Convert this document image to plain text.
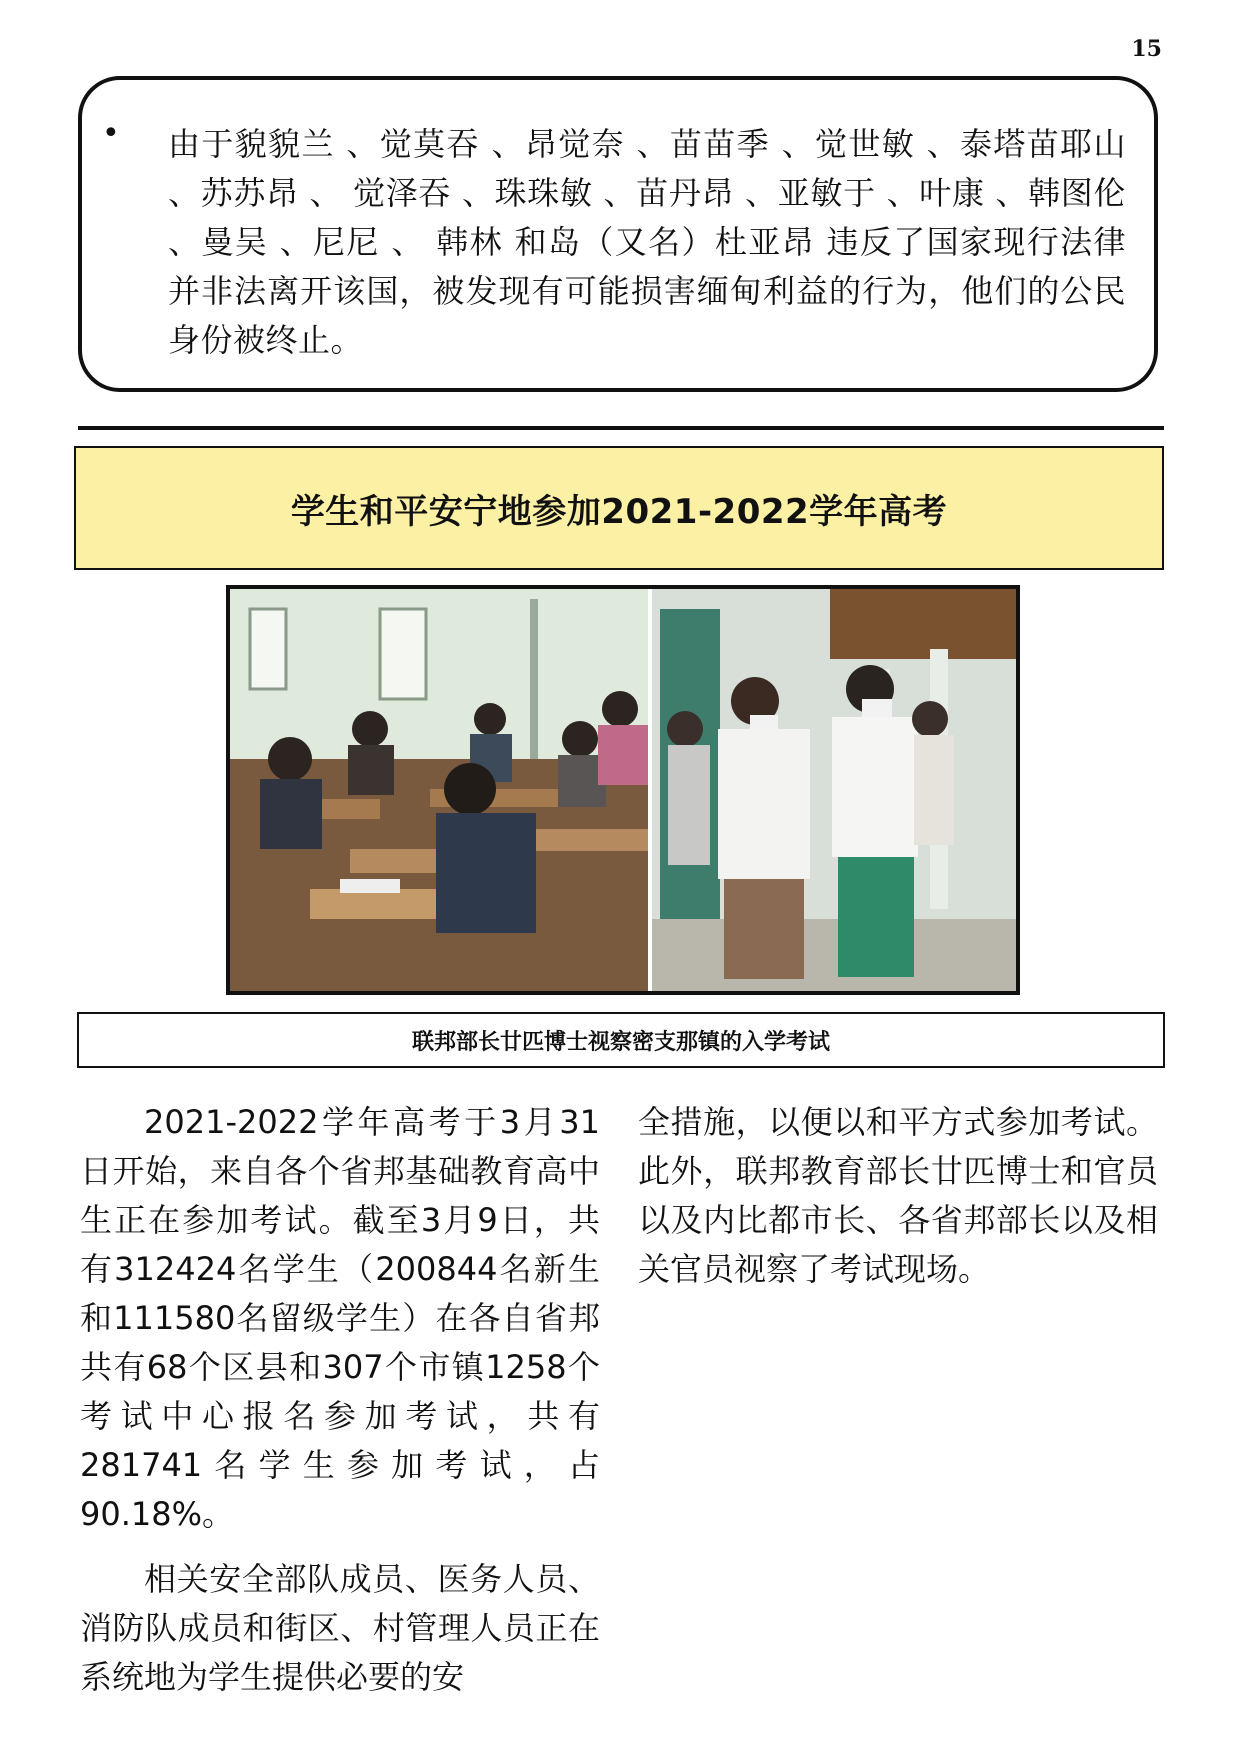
15
• 由于貌貌兰 、觉莫吞 、昂觉奈 、苗苗季 、觉世敏 、泰塔苗耶山 、苏苏昂 、 觉泽吞 、珠珠敏 、苗丹昂 、亚敏于 、叶康 、韩图伦 、曼吴 、尼尼 、 韩林 和岛（又名）杜亚昂 违反了国家现行法律并非法离开该国，被发现有可能损害缅甸利益的行为，他们的公民身份被终止。

学生和平安宁地参加2021-2022学年高考
联邦部长廿匹博士视察密支那镇的入学考试

2021-2022学年高考于3月31日开始，来自各个省邦基础教育高中生正在参加考试。截至3月9日，共有312424名学生（200844名新生和111580名留级学生）在各自省邦共有68个区县和307个市镇1258个考试中心报名参加考试，共有281741名学生参加考试，占90.18%。

相关安全部队成员、医务人员、消防队成员和街区、村管理人员正在系统地为学生提供必要的安

全措施，以便以和平方式参加考试。此外，联邦教育部长廿匹博士和官员以及内比都市长、各省邦部长以及相关官员视察了考试现场。
